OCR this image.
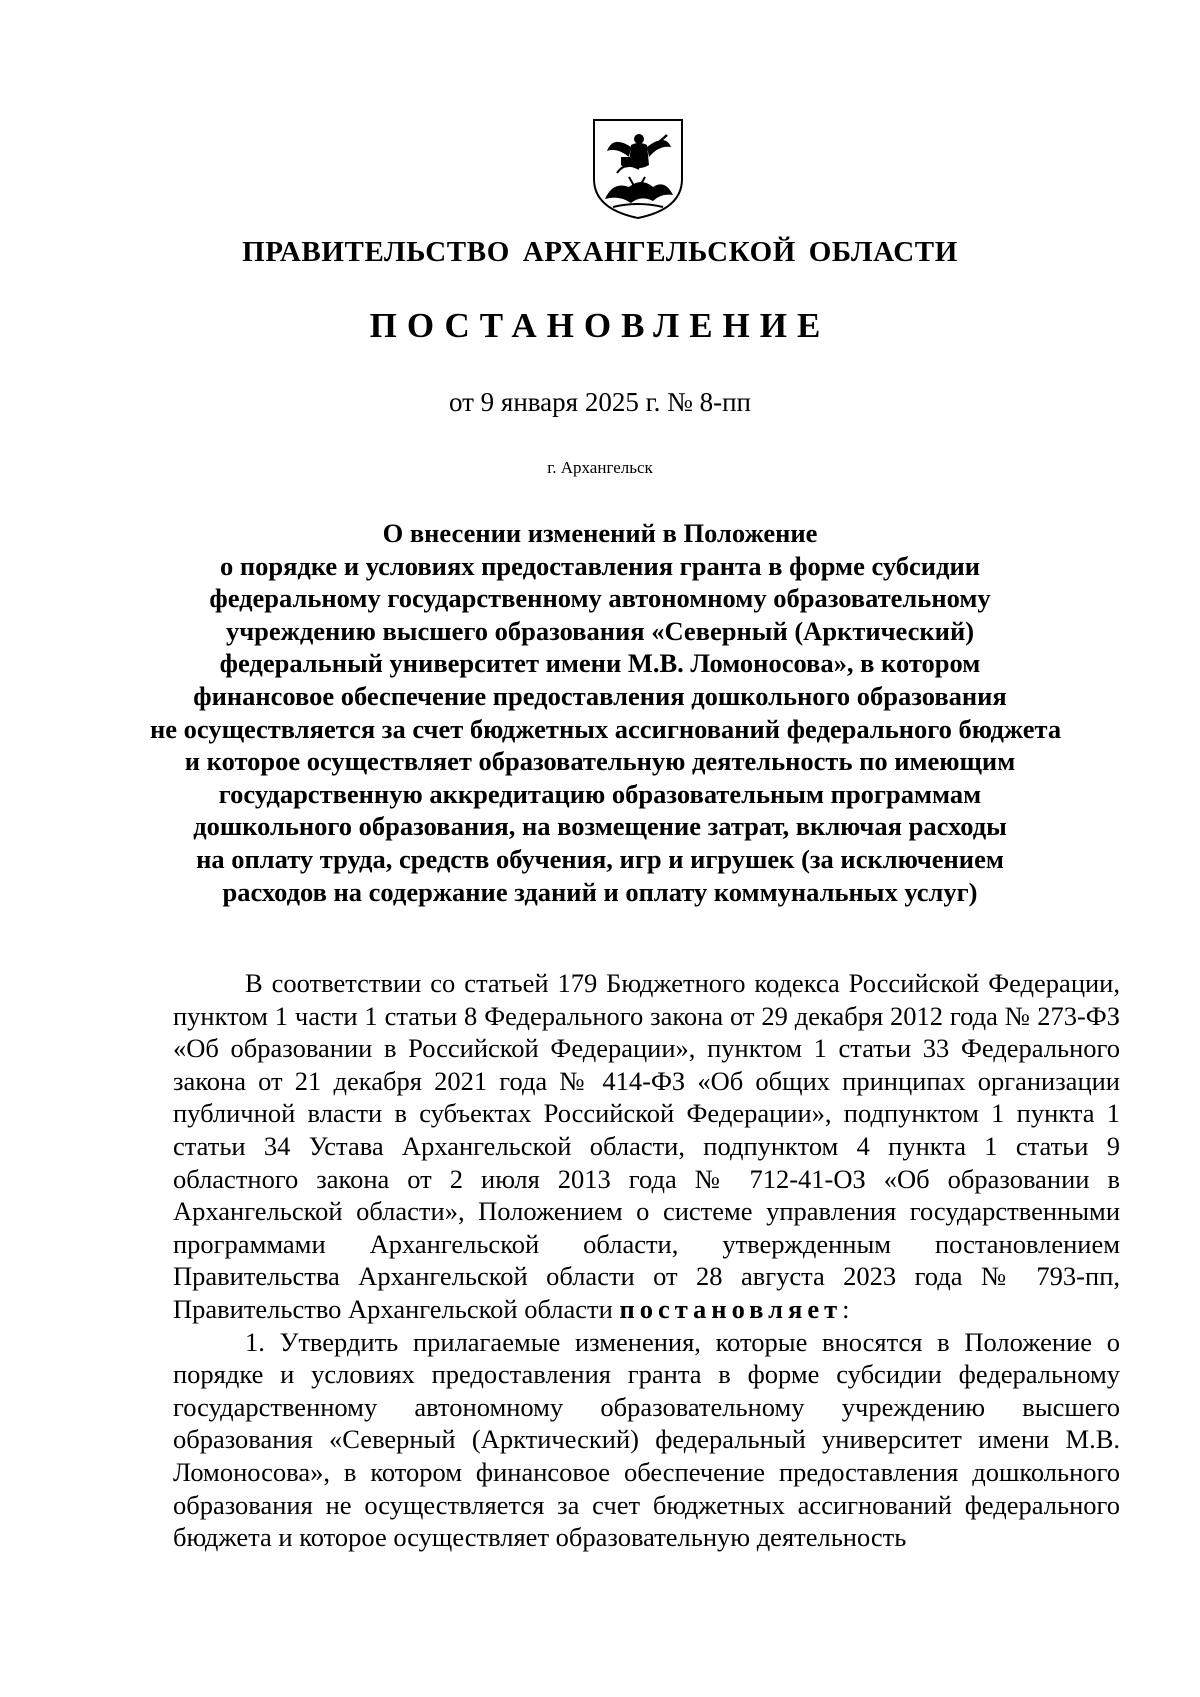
ПРАВИТЕЛЬСТВО АРХАНГЕЛЬСКОЙ ОБЛАСТИ
ПОСТАНОВЛЕНИЕ
от 9 января 2025 г. № 8-пп
г. Архангельск
О внесении изменений в Положение
о порядке и условиях предоставления гранта в форме субсидии
федеральному государственному автономному образовательному
учреждению высшего образования «Северный (Арктический)
федеральный университет имени М.В. Ломоносова», в котором
финансовое обеспечение предоставления дошкольного образования
не осуществляется за счет бюджетных ассигнований федерального бюджета
и которое осуществляет образовательную деятельность по имеющим
государственную аккредитацию образовательным программам
дошкольного образования, на возмещение затрат, включая расходы
на оплату труда, средств обучения, игр и игрушек (за исключением
расходов на содержание зданий и оплату коммунальных услуг)

В соответствии со статьей 179 Бюджетного кодекса Российской Федерации, пунктом 1 части 1 статьи 8 Федерального закона от 29 декабря 2012 года № 273-ФЗ «Об образовании в Российской Федерации», пунктом 1 статьи 33 Федерального закона от 21 декабря 2021 года № 414-ФЗ «Об общих принципах организации публичной власти в субъектах Российской Федерации», подпунктом 1 пункта 1 статьи 34 Устава Архангельской области, подпунктом 4 пункта 1 статьи 9 областного закона от 2 июля 2013 года № 712-41-ОЗ «Об образовании в Архангельской области», Положением о системе управления государственными программами Архангельской области, утвержденным постановлением Правительства Архангельской области от 28 августа 2023 года № 793-пп, Правительство Архангельской области постановляет:

1. Утвердить прилагаемые изменения, которые вносятся в Положение о порядке и условиях предоставления гранта в форме субсидии федеральному государственному автономному образовательному учреждению высшего образования «Северный (Арктический) федеральный университет имени М.В. Ломоносова», в котором финансовое обеспечение предоставления дошкольного образования не осуществляется за счет бюджетных ассигнований федерального бюджета и которое осуществляет образовательную деятельность
